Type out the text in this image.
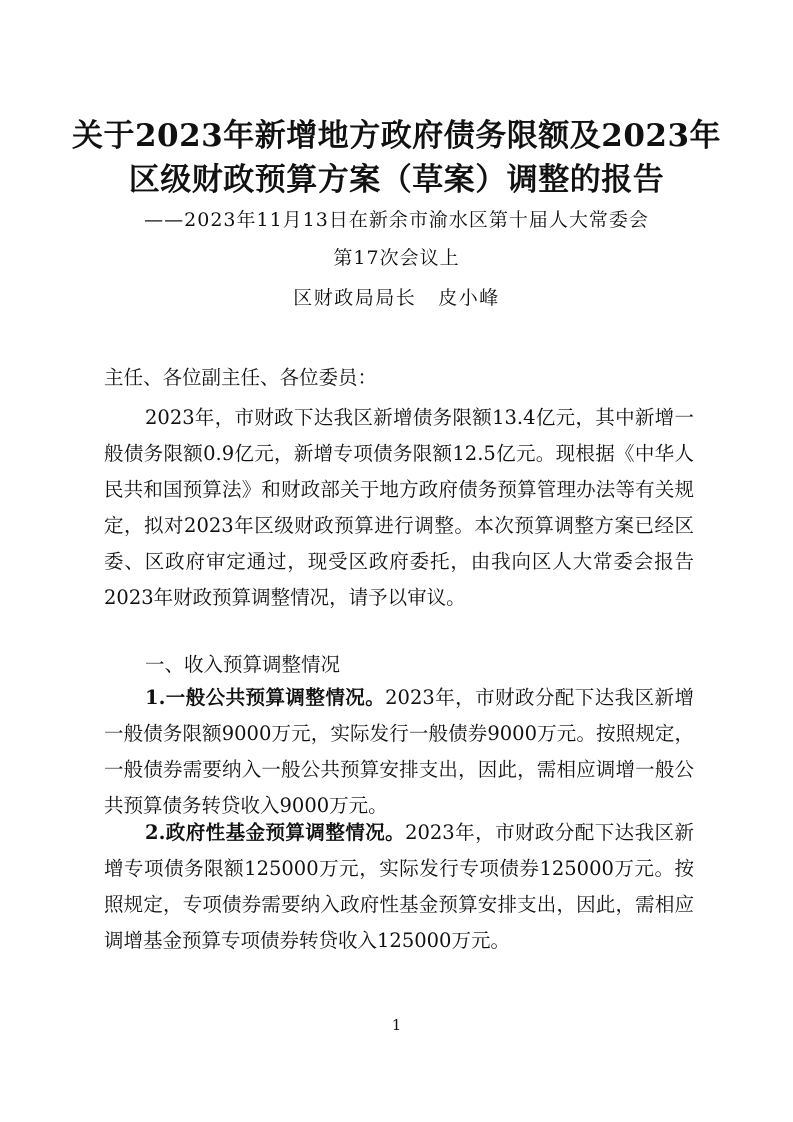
关于2023年新增地方政府债务限额及2023年
区级财政预算方案（草案）调整的报告
——2023年11月13日在新余市渝水区第十届人大常委会
第17次会议上
区财政局局长 皮小峰
主任、各位副主任、各位委员：

2023年，市财政下达我区新增债务限额13.4亿元，其中新增一般债务限额0.9亿元，新增专项债务限额12.5亿元。现根据《中华人民共和国预算法》和财政部关于地方政府债务预算管理办法等有关规定，拟对2023年区级财政预算进行调整。本次预算调整方案已经区委、区政府审定通过，现受区政府委托，由我向区人大常委会报告2023年财政预算调整情况，请予以审议。

一、收入预算调整情况

1.一般公共预算调整情况。2023年，市财政分配下达我区新增一般债务限额9000万元，实际发行一般债券9000万元。按照规定，一般债券需要纳入一般公共预算安排支出，因此，需相应调增一般公共预算债务转贷收入9000万元。

2.政府性基金预算调整情况。2023年，市财政分配下达我区新增专项债务限额125000万元，实际发行专项债券125000万元。按照规定，专项债券需要纳入政府性基金预算安排支出，因此，需相应调增基金预算专项债券转贷收入125000万元。

1
